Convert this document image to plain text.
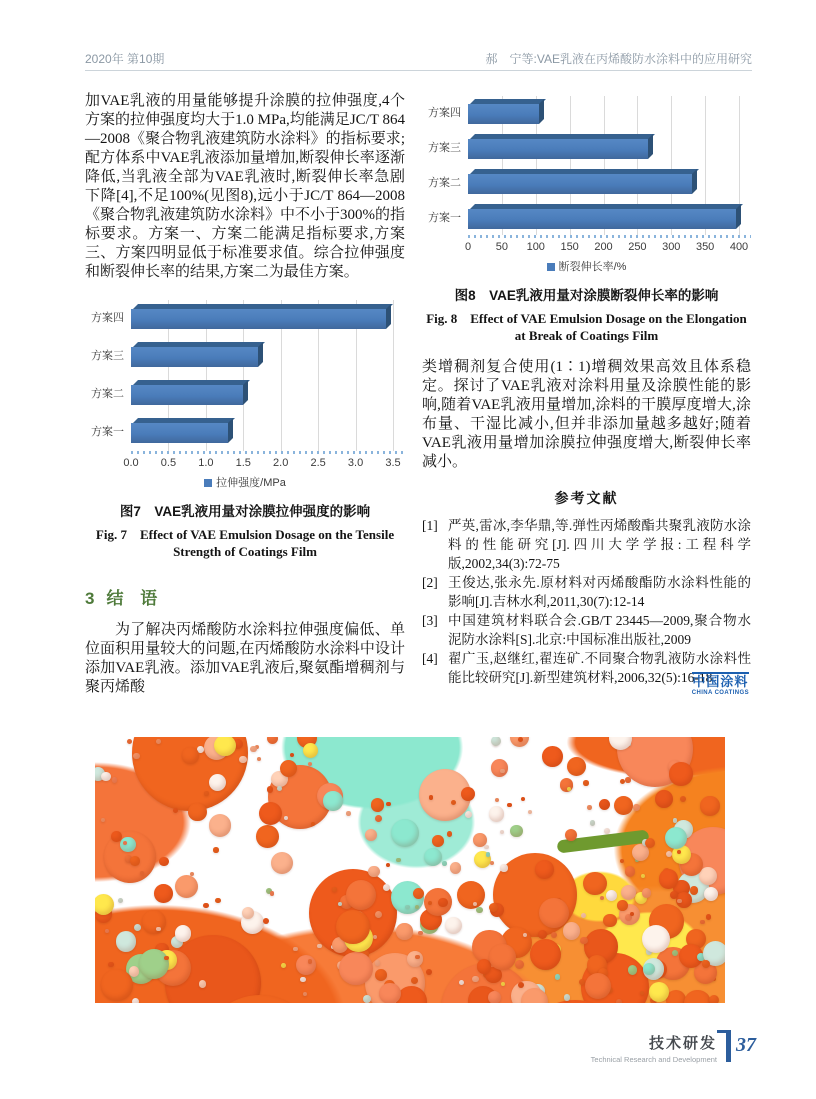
2020年 第10期	郝　宁等:VAE乳液在丙烯酸防水涂料中的应用研究

加VAE乳液的用量能够提升涂膜的拉伸强度,4个方案的拉伸强度均大于1.0 MPa,均能满足JC/T 864—2008《聚合物乳液建筑防水涂料》的指标要求;配方体系中VAE乳液添加量增加,断裂伸长率逐渐降低,当乳液全部为VAE乳液时,断裂伸长率急剧下降[4],不足100%(见图8),远小于JC/T 864—2008《聚合物乳液建筑防水涂料》中不小于300%的指标要求。方案一、方案二能满足指标要求,方案三、方案四明显低于标准要求值。综合拉伸强度和断裂伸长率的结果,方案二为最佳方案。

方案四
方案三
方案二
方案一
0.0 0.5 1.0 1.5 2.0 2.5 3.0 3.5
拉伸强度/MPa
图7　VAE乳液用量对涂膜拉伸强度的影响
Fig. 7　Effect of VAE Emulsion Dosage on the Tensile
Strength of Coatings Film
3 结 语

为了解决丙烯酸防水涂料拉伸强度偏低、单位面积用量较大的问题,在丙烯酸防水涂料中设计添加VAE乳液。添加VAE乳液后,聚氨酯增稠剂与聚丙烯酸

方案四
方案三
方案二
方案一
0 50 100 150 200 250 300 350 400
断裂伸长率/%
图8　VAE乳液用量对涂膜断裂伸长率的影响
Fig. 8　Effect of VAE Emulsion Dosage on the Elongation
at Break of Coatings Film

类增稠剂复合使用(1∶1)增稠效果高效且体系稳定。探讨了VAE乳液对涂料用量及涂膜性能的影响,随着VAE乳液用量增加,涂料的干膜厚度增大,涂布量、干湿比减小,但并非添加量越多越好;随着VAE乳液用量增加涂膜拉伸强度增大,断裂伸长率减小。

参考文献
[1] 严英,雷冰,李华鼎,等.弹性丙烯酸酯共聚乳液防水涂料的性能研究[J].四川大学学报:工程科学版,2002,34(3):72-75
[2] 王俊达,张永先.原材料对丙烯酸酯防水涂料性能的影响[J].吉林水利,2011,30(7):12-14
[3] 中国建筑材料联合会.GB/T 23445—2009,聚合物水泥防水涂料[S].北京:中国标准出版社,2009
[4] 翟广玉,赵继红,翟连矿.不同聚合物乳液防水涂料性能比较研究[J].新型建筑材料,2006,32(5):16-18
中国涂料
CHINA COATINGS
技术研发
Technical Research and Development
37
